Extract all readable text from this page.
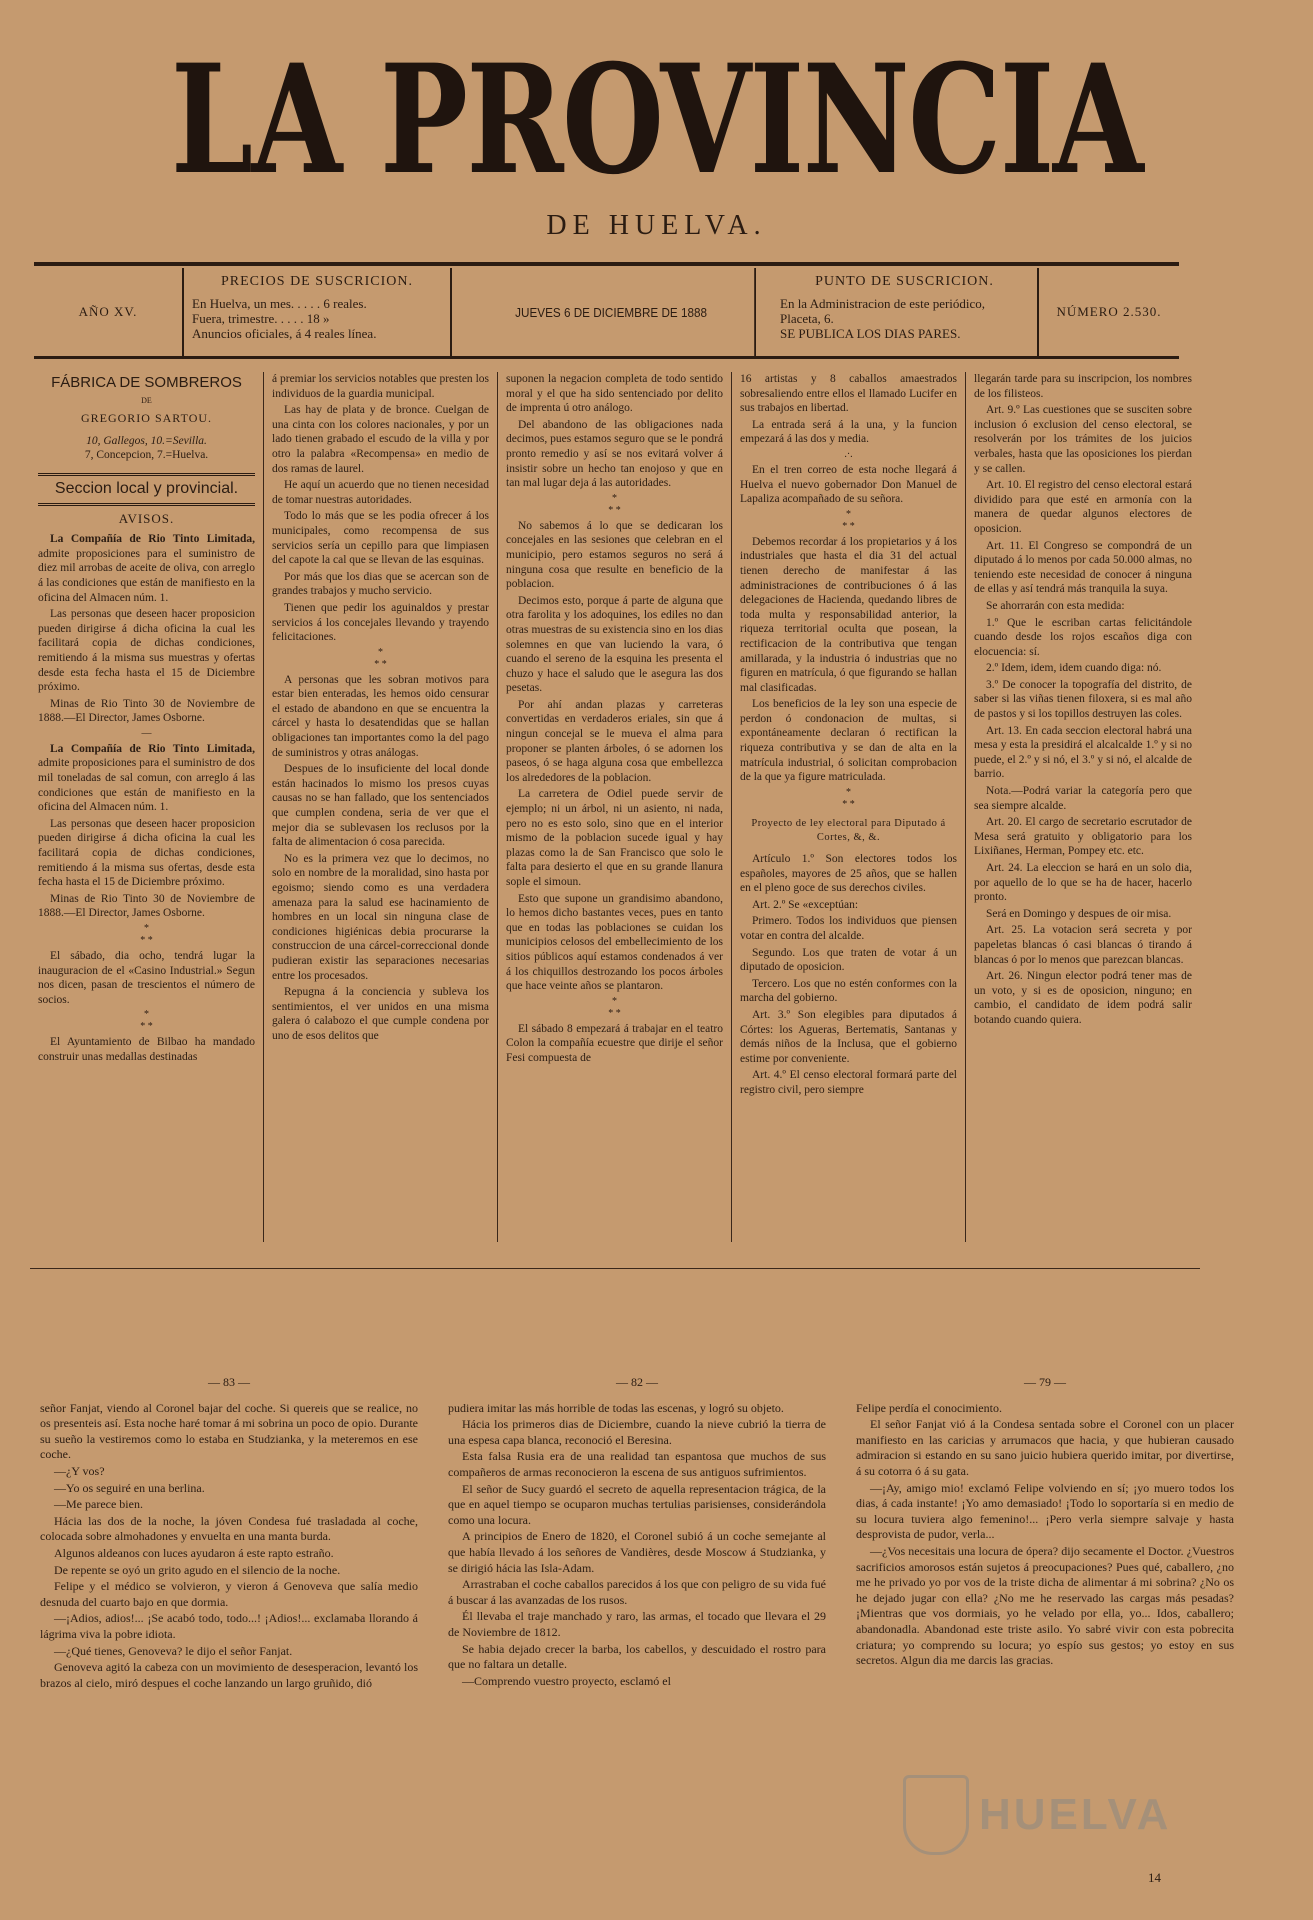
LA PROVINCIA
DE HUELVA.
AÑO XV.
PRECIOS DE SUSCRICION.
En Huelva, un mes. . . . . 6 reales.
Fuera, trimestre. . . . . 18 »
Anuncios oficiales, á 4 reales línea.
JUEVES 6 DE DICIEMBRE DE 1888
PUNTO DE SUSCRICION.
En la Administracion de este periódico,
Placeta, 6.
SE PUBLICA LOS DIAS PARES.
NÚMERO 2.530.
FÁBRICA DE SOMBREROS
DE
GREGORIO SARTOU.
10, Gallegos, 10.=Sevilla.
7, Concepcion, 7.=Huelva.
Seccion local y provincial.
AVISOS.

La Compañía de Rio Tinto Limitada, admite proposiciones para el suministro de diez mil arrobas de aceite de oliva, con arreglo á las condiciones que están de manifiesto en la oficina del Almacen núm. 1.

Las personas que deseen hacer proposicion pueden dirigirse á dicha oficina la cual les facilitará copia de dichas condiciones, remitiendo á la misma sus muestras y ofertas desde esta fecha hasta el 15 de Diciembre próximo.

Minas de Rio Tinto 30 de Noviembre de 1888.—El Director, James Osborne.

—

La Compañía de Rio Tinto Limitada, admite proposiciones para el suministro de dos mil toneladas de sal comun, con arreglo á las condiciones que están de manifiesto en la oficina del Almacen núm. 1.

Las personas que deseen hacer proposicion pueden dirigirse á dicha oficina la cual les facilitará copia de dichas condiciones, remitiendo á la misma sus ofertas, desde esta fecha hasta el 15 de Diciembre próximo.

Minas de Rio Tinto 30 de Noviembre de 1888.—El Director, James Osborne.

*
* *

El sábado, dia ocho, tendrá lugar la inauguracion de el «Casino Industrial.» Segun nos dicen, pasan de trescientos el número de socios.

*
* *

El Ayuntamiento de Bilbao ha mandado construir unas medallas destinadas

á premiar los servicios notables que presten los individuos de la guardia municipal.

Las hay de plata y de bronce. Cuelgan de una cinta con los colores nacionales, y por un lado tienen grabado el escudo de la villa y por otro la palabra «Recompensa» en medio de dos ramas de laurel.

He aquí un acuerdo que no tienen necesidad de tomar nuestras autoridades.

Todo lo más que se les podia ofrecer á los municipales, como recompensa de sus servicios sería un cepillo para que limpiasen del capote la cal que se llevan de las esquinas.

Por más que los dias que se acercan son de grandes trabajos y mucho servicio.

Tienen que pedir los aguinaldos y prestar servicios á los concejales llevando y trayendo felicitaciones.

*
* *

A personas que les sobran motivos para estar bien enteradas, les hemos oido censurar el estado de abandono en que se encuentra la cárcel y hasta lo desatendidas que se hallan obligaciones tan importantes como la del pago de suministros y otras análogas.

Despues de lo insuficiente del local donde están hacinados lo mismo los presos cuyas causas no se han fallado, que los sentenciados que cumplen condena, seria de ver que el mejor dia se sublevasen los reclusos por la falta de alimentacion ó cosa parecida.

No es la primera vez que lo decimos, no solo en nombre de la moralidad, sino hasta por egoismo; siendo como es una verdadera amenaza para la salud ese hacinamiento de hombres en un local sin ninguna clase de condiciones higiénicas debia procurarse la construccion de una cárcel-correccional donde pudieran existir las separaciones necesarias entre los procesados.

Repugna á la conciencia y subleva los sentimientos, el ver unidos en una misma galera ó calabozo el que cumple condena por uno de esos delitos que

suponen la negacion completa de todo sentido moral y el que ha sido sentenciado por delito de imprenta ú otro análogo.

Del abandono de las obligaciones nada decimos, pues estamos seguro que se le pondrá pronto remedio y así se nos evitará volver á insistir sobre un hecho tan enojoso y que en tan mal lugar deja á las autoridades.

*
* *

No sabemos á lo que se dedicaran los concejales en las sesiones que celebran en el municipio, pero estamos seguros no será á ninguna cosa que resulte en beneficio de la poblacion.

Decimos esto, porque á parte de alguna que otra farolita y los adoquines, los ediles no dan otras muestras de su existencia sino en los dias solemnes en que van luciendo la vara, ó cuando el sereno de la esquina les presenta el chuzo y hace el saludo que le asegura las dos pesetas.

Por ahí andan plazas y carreteras convertidas en verdaderos eriales, sin que á ningun concejal se le mueva el alma para proponer se planten árboles, ó se adornen los paseos, ó se haga alguna cosa que embellezca los alrededores de la poblacion.

La carretera de Odiel puede servir de ejemplo; ni un árbol, ni un asiento, ni nada, pero no es esto solo, sino que en el interior mismo de la poblacion sucede igual y hay plazas como la de San Francisco que solo le falta para desierto el que en su grande llanura sople el simoun.

Esto que supone un grandisimo abandono, lo hemos dicho bastantes veces, pues en tanto que en todas las poblaciones se cuidan los municipios celosos del embellecimiento de los sitios públicos aquí estamos condenados á ver á los chiquillos destrozando los pocos árboles que hace veinte años se plantaron.

*
* *

El sábado 8 empezará á trabajar en el teatro Colon la compañía ecuestre que dirije el señor Fesi compuesta de

16 artistas y 8 caballos amaestrados sobresaliendo entre ellos el llamado Lucifer en sus trabajos en libertad.

La entrada será á la una, y la funcion empezará á las dos y media.

.·.

En el tren correo de esta noche llegará á Huelva el nuevo gobernador Don Manuel de Lapaliza acompañado de su señora.

*
* *

Debemos recordar á los propietarios y á los industriales que hasta el dia 31 del actual tienen derecho de manifestar á las administraciones de contribuciones ó á las delegaciones de Hacienda, quedando libres de toda multa y responsabilidad anterior, la riqueza territorial oculta que posean, la rectificacion de la contributiva que tengan amillarada, y la industria ó industrias que no figuren en matrícula, ó que figurando se hallan mal clasificadas.

Los beneficios de la ley son una especie de perdon ó condonacion de multas, si expontáneamente declaran ó rectifican la riqueza contributiva y se dan de alta en la matrícula industrial, ó solicitan comprobacion de la que ya figure matriculada.

*
* *
Proyecto de ley electoral para Diputado á Cortes, &, &.

Artículo 1.º Son electores todos los españoles, mayores de 25 años, que se hallen en el pleno goce de sus derechos civiles.

Art. 2.º Se «exceptúan:

Primero. Todos los individuos que piensen votar en contra del alcalde.

Segundo. Los que traten de votar á un diputado de oposicion.

Tercero. Los que no estén conformes con la marcha del gobierno.

Art. 3.º Son elegibles para diputados á Córtes: los Agueras, Bertematis, Santanas y demás niños de la Inclusa, que el gobierno estime por conveniente.

Art. 4.º El censo electoral formará parte del registro civil, pero siempre

llegarán tarde para su inscripcion, los nombres de los filisteos.

Art. 9.º Las cuestiones que se susciten sobre inclusion ó exclusion del censo electoral, se resolverán por los trámites de los juicios verbales, hasta que las oposiciones los pierdan y se callen.

Art. 10. El registro del censo electoral estará dividido para que esté en armonía con la manera de quedar algunos electores de oposicion.

Art. 11. El Congreso se compondrá de un diputado á lo menos por cada 50.000 almas, no teniendo este necesidad de conocer á ninguna de ellas y así tendrá más tranquila la suya.

Se ahorrarán con esta medida:

1.º Que le escriban cartas felicitándole cuando desde los rojos escaños diga con elocuencia: sí.

2.º Idem, idem, idem cuando diga: nó.

3.º De conocer la topografía del distrito, de saber si las viñas tienen filoxera, si es mal año de pastos y si los topillos destruyen las coles.

Art. 13. En cada seccion electoral habrá una mesa y esta la presidirá el alcalcalde 1.º y si no puede, el 2.º y si nó, el 3.º y si nó, el alcalde de barrio.

Nota.—Podrá variar la categoría pero que sea siempre alcalde.

Art. 20. El cargo de secretario escrutador de Mesa será gratuito y obligatorio para los Lixiñanes, Herman, Pompey etc. etc.

Art. 24. La eleccion se hará en un solo dia, por aquello de lo que se ha de hacer, hacerlo pronto.

Será en Domingo y despues de oir misa.

Art. 25. La votacion será secreta y por papeletas blancas ó casi blancas ó tirando á blancas ó por lo menos que parezcan blancas.

Art. 26. Ningun elector podrá tener mas de un voto, y si es de oposicion, ninguno; en cambio, el candidato de idem podrá salir botando cuando quiera.

— 83 —

señor Fanjat, viendo al Coronel bajar del coche. Si quereis que se realice, no os presenteis así. Esta noche haré tomar á mi sobrina un poco de opio. Durante su sueño la vestiremos como lo estaba en Studzianka, y la meteremos en ese coche.

—¿Y vos?

—Yo os seguiré en una berlina.

—Me parece bien.

Hácia las dos de la noche, la jóven Condesa fué trasladada al coche, colocada sobre almohadones y envuelta en una manta burda.

Algunos aldeanos con luces ayudaron á este rapto estraño.

De repente se oyó un grito agudo en el silencio de la noche.

Felipe y el médico se volvieron, y vieron á Genoveva que salía medio desnuda del cuarto bajo en que dormia.

—¡Adios, adios!... ¡Se acabó todo, todo...! ¡Adios!... exclamaba llorando á lágrima viva la pobre idiota.

—¿Qué tienes, Genoveva? le dijo el señor Fanjat.

Genoveva agitó la cabeza con un movimiento de desesperacion, levantó los brazos al cielo, miró despues el coche lanzando un largo gruñido, dió

— 82 —

pudiera imitar las más horrible de todas las escenas, y logró su objeto.

Hácia los primeros dias de Diciembre, cuando la nieve cubrió la tierra de una espesa capa blanca, reconoció el Beresina.

Esta falsa Rusia era de una realidad tan espantosa que muchos de sus compañeros de armas reconocieron la escena de sus antiguos sufrimientos.

El señor de Sucy guardó el secreto de aquella representacion trágica, de la que en aquel tiempo se ocuparon muchas tertulias parisienses, considerándola como una locura.

A principios de Enero de 1820, el Coronel subió á un coche semejante al que había llevado á los señores de Vandières, desde Moscow á Studzianka, y se dirigió hácia las Isla-Adam.

Arrastraban el coche caballos parecidos á los que con peligro de su vida fué á buscar á las avanzadas de los rusos.

Él llevaba el traje manchado y raro, las armas, el tocado que llevara el 29 de Noviembre de 1812.

Se habia dejado crecer la barba, los cabellos, y descuidado el rostro para que no faltara un detalle.

—Comprendo vuestro proyecto, esclamó el

— 79 —

Felipe perdía el conocimiento.

El señor Fanjat vió á la Condesa sentada sobre el Coronel con un placer manifiesto en las caricias y arrumacos que hacia, y que hubieran causado admiracion si estando en su sano juicio hubiera querido imitar, por divertirse, á su cotorra ó á su gata.

—¡Ay, amigo mio! exclamó Felipe volviendo en sí; ¡yo muero todos los dias, á cada instante! ¡Yo amo demasiado! ¡Todo lo soportaría si en medio de su locura tuviera algo femenino!... ¡Pero verla siempre salvaje y hasta desprovista de pudor, verla...

—¿Vos necesitais una locura de ópera? dijo secamente el Doctor. ¿Vuestros sacrificios amorosos están sujetos á preocupaciones? Pues qué, caballero, ¿no me he privado yo por vos de la triste dicha de alimentar á mi sobrina? ¿No os he dejado jugar con ella? ¿No me he reservado las cargas más pesadas? ¡Mientras que vos dormiais, yo he velado por ella, yo... Idos, caballero; abandonadla. Abandonad este triste asilo. Yo sabré vivir con esta pobrecita criatura; yo comprendo su locura; yo espío sus gestos; yo estoy en sus secretos. Algun dia me darcis las gracias.

HUELVA
14
